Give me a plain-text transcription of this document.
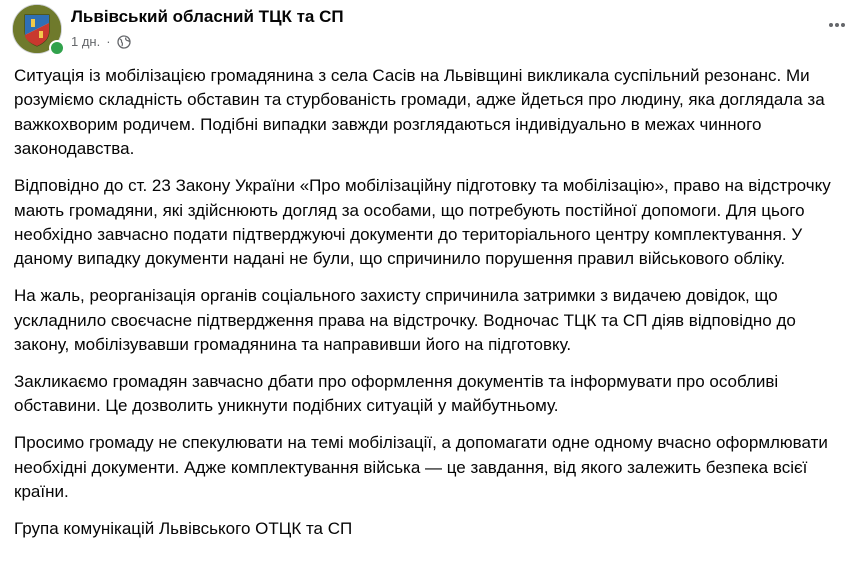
Львівський обласний ТЦК та СП
1 дн. ·

Ситуація із мобілізацією громадянина з села Сасів на Львівщині викликала суспільний резонанс. Ми розуміємо складність обставин та стурбованість громади, адже йдеться про людину, яка доглядала за важкохворим родичем. Подібні випадки завжди розглядаються індивідуально в межах чинного законодавства.

Відповідно до ст. 23 Закону України «Про мобілізаційну підготовку та мобілізацію», право на відстрочку мають громадяни, які здійснюють догляд за особами, що потребують постійної допомоги. Для цього необхідно завчасно подати підтверджуючі документи до територіального центру комплектування. У даному випадку документи надані не були, що спричинило порушення правил військового обліку.

На жаль, реорганізація органів соціального захисту спричинила затримки з видачею довідок, що ускладнило своєчасне підтвердження права на відстрочку. Водночас ТЦК та СП діяв відповідно до закону, мобілізувавши громадянина та направивши його на підготовку.

Закликаємо громадян завчасно дбати про оформлення документів та інформувати про особливі обставини. Це дозволить уникнути подібних ситуацій у майбутньому.

Просимо громаду не спекулювати на темі мобілізації, а допомагати одне одному вчасно оформлювати необхідні документи. Адже комплектування війська — це завдання, від якого залежить безпека всієї країни.

Група комунікацій Львівського ОТЦК та СП
